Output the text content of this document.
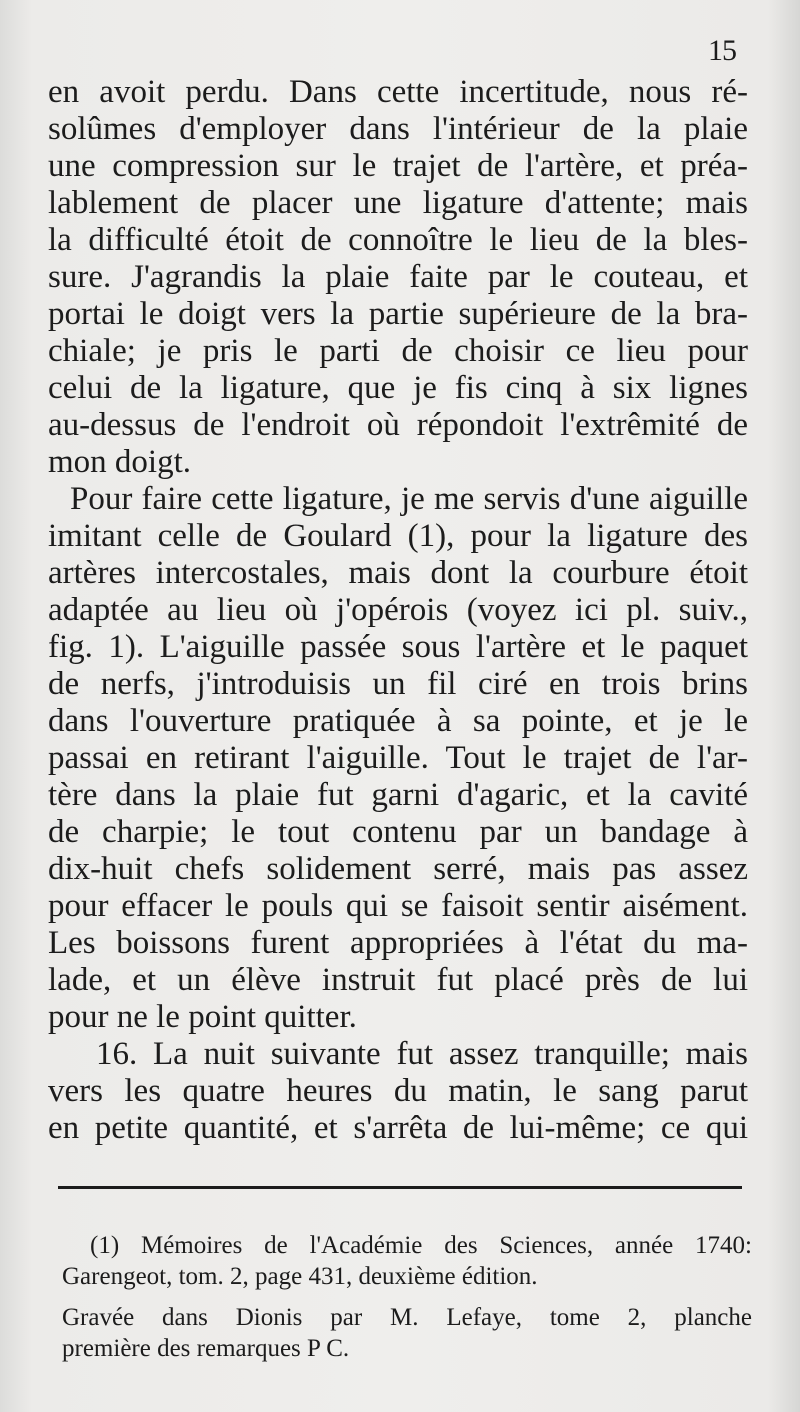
15
en avoit perdu. Dans cette incertitude, nous ré-
solûmes d'employer dans l'intérieur de la plaie
une compression sur le trajet de l'artère, et préa-
lablement de placer une ligature d'attente; mais
la difficulté étoit de connoître le lieu de la bles-
sure. J'agrandis la plaie faite par le couteau, et
portai le doigt vers la partie supérieure de la bra-
chiale; je pris le parti de choisir ce lieu pour
celui de la ligature, que je fis cinq à six lignes
au-dessus de l'endroit où répondoit l'extrêmité de
mon doigt.
Pour faire cette ligature, je me servis d'une aiguille
imitant celle de Goulard (1), pour la ligature des
artères intercostales, mais dont la courbure étoit
adaptée au lieu où j'opérois (voyez ici pl. suiv.,
fig. 1). L'aiguille passée sous l'artère et le paquet
de nerfs, j'introduisis un fil ciré en trois brins
dans l'ouverture pratiquée à sa pointe, et je le
passai en retirant l'aiguille. Tout le trajet de l'ar-
tère dans la plaie fut garni d'agaric, et la cavité
de charpie; le tout contenu par un bandage à
dix-huit chefs solidement serré, mais pas assez
pour effacer le pouls qui se faisoit sentir aisément.
Les boissons furent appropriées à l'état du ma-
lade, et un élève instruit fut placé près de lui
pour ne le point quitter.
16. La nuit suivante fut assez tranquille; mais
vers les quatre heures du matin, le sang parut
en petite quantité, et s'arrêta de lui-même; ce qui
(1) Mémoires de l'Académie des Sciences, année 1740:
Garengeot, tom. 2, page 431, deuxième édition.
Gravée dans Dionis par M. Lefaye, tome 2, planche
première des remarques P C.
